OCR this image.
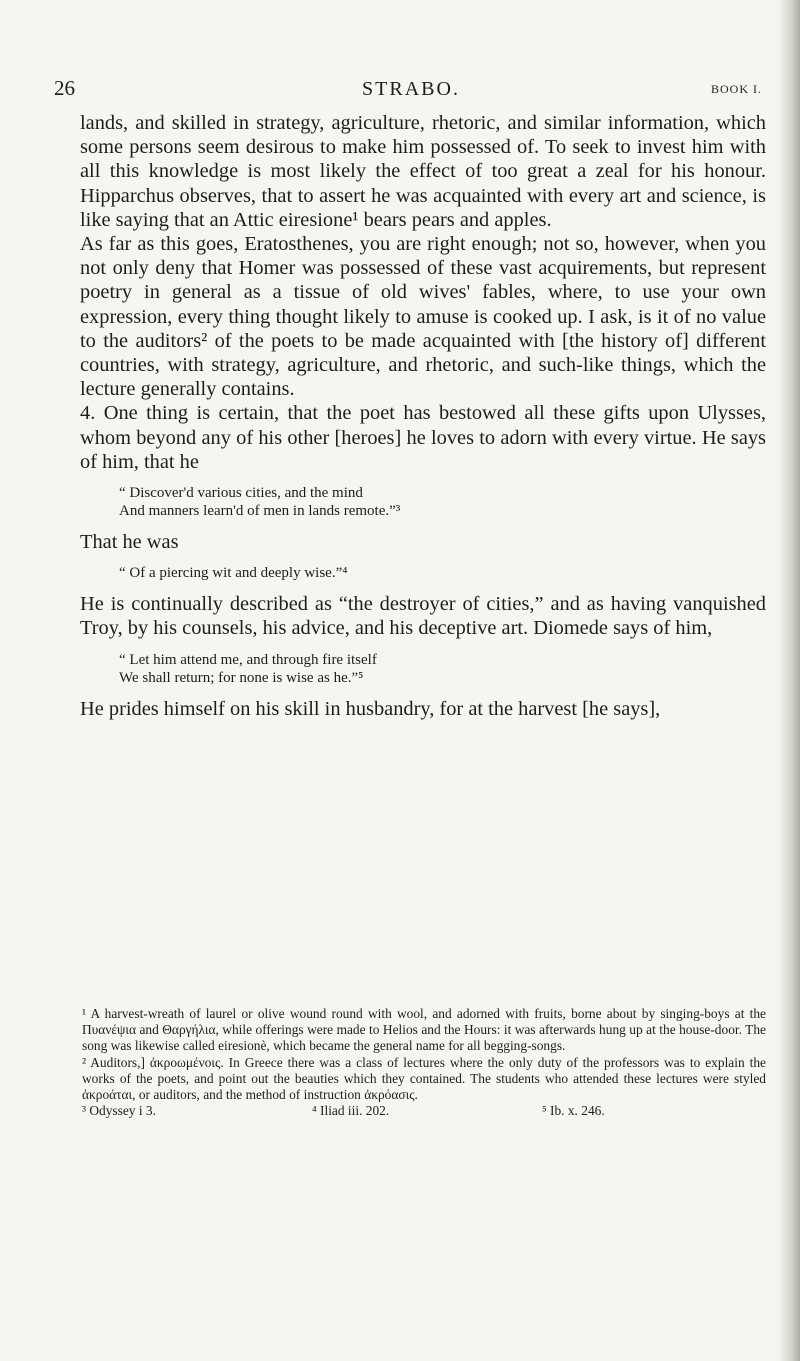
26	STRABO.	BOOK I.

lands, and skilled in strategy, agriculture, rhetoric, and similar information, which some persons seem desirous to make him possessed of. To seek to invest him with all this knowledge is most likely the effect of too great a zeal for his honour. Hipparchus observes, that to assert he was acquainted with every art and science, is like saying that an Attic eiresione¹ bears pears and apples.

As far as this goes, Eratosthenes, you are right enough; not so, however, when you not only deny that Homer was possessed of these vast acquirements, but represent poetry in general as a tissue of old wives' fables, where, to use your own expression, every thing thought likely to amuse is cooked up. I ask, is it of no value to the auditors² of the poets to be made acquainted with [the history of] different countries, with strategy, agriculture, and rhetoric, and such-like things, which the lecture generally contains.

4. One thing is certain, that the poet has bestowed all these gifts upon Ulysses, whom beyond any of his other [heroes] he loves to adorn with every virtue. He says of him, that he

“ Discover'd various cities, and the mind

And manners learn'd of men in lands remote.”³

That he was

“ Of a piercing wit and deeply wise.”⁴

He is continually described as “the destroyer of cities,” and as having vanquished Troy, by his counsels, his advice, and his deceptive art. Diomede says of him,

“ Let him attend me, and through fire itself

We shall return; for none is wise as he.”⁵

He prides himself on his skill in husbandry, for at the harvest [he says],

¹ A harvest-wreath of laurel or olive wound round with wool, and adorned with fruits, borne about by singing-boys at the Πυανέψια and Θαργήλια, while offerings were made to Helios and the Hours: it was afterwards hung up at the house-door. The song was likewise called eiresionè, which became the general name for all begging-songs.

² Auditors,] ἀκροωμένοις. In Greece there was a class of lectures where the only duty of the professors was to explain the works of the poets, and point out the beauties which they contained. The students who attended these lectures were styled ἀκροάται, or auditors, and the method of instruction ἀκρόασις.

³ Odyssey i 3.	⁴ Iliad iii. 202.	⁵ Ib. x. 246.
